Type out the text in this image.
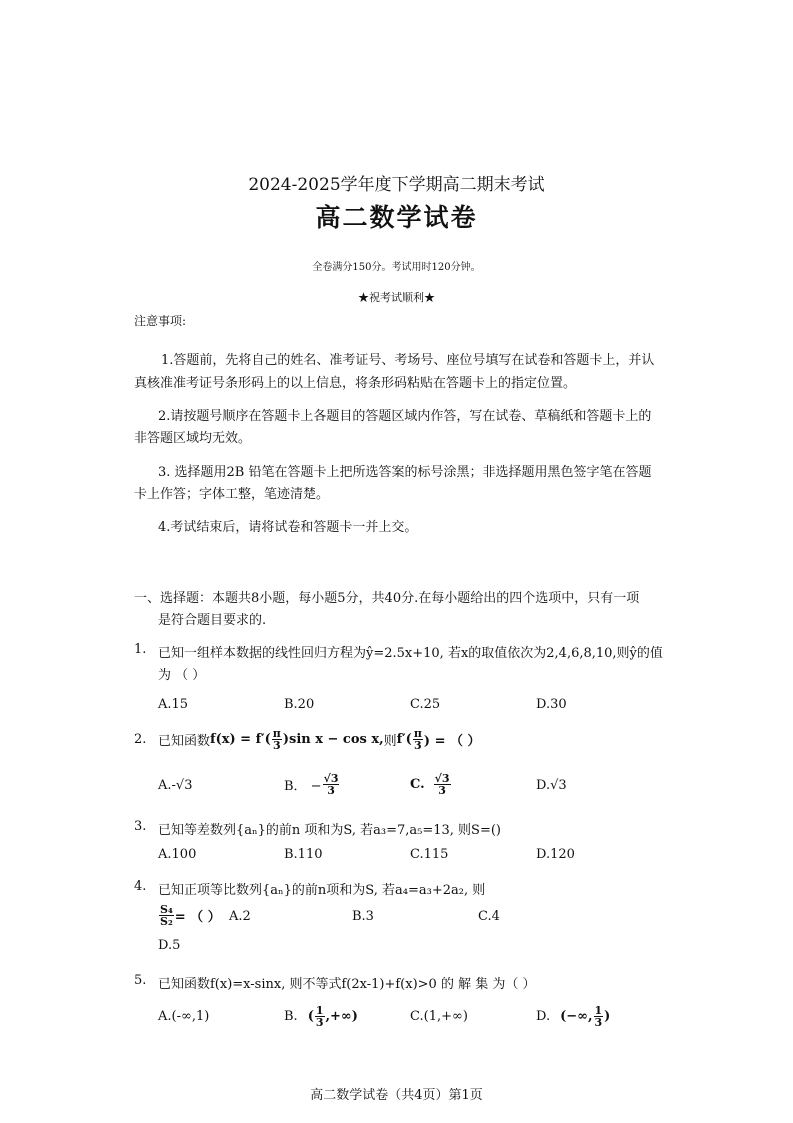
2024-2025学年度下学期高二期末考试
高二数学试卷
全卷满分150分。考试用时120分钟。
★祝考试顺利★
注意事项:
1.答题前，先将自己的姓名、准考证号、考场号、座位号填写在试卷和答题卡上，并认
真核准准考证号条形码上的以上信息，将条形码粘贴在答题卡上的指定位置。
2.请按题号顺序在答题卡上各题目的答题区域内作答，写在试卷、草稿纸和答题卡上的
非答题区域均无效。
3. 选择题用2B 铅笔在答题卡上把所选答案的标号涂黑；非选择题用黑色签字笔在答题
卡上作答；字体工整，笔迹清楚。
4.考试结束后，请将试卷和答题卡一并上交。
一、选择题：本题共8小题，每小题5分，共40分.在每小题给出的四个选项中，只有一项
是符合题目要求的.
1. 已知一组样本数据的线性回归方程为ŷ=2.5x+10, 若x的取值依次为2,4,6,8,10,则ŷ的值
为 （ ）
A.15	B.20	C.25	D.30
2. 已知函数 $f(x) = f'( \frac{\pi}{3} )\sin$ x − cos x, 则 $f'( \frac{\pi}{3}$ ) = （ ）
A.-√3	B． − $\frac{√3}{3}$	C. $\frac{√3}{3}$	D.√3
3. 已知等差数列{aₙ}的前n 项和为S, 若a₃=7,a₅=13, 则S=()
A.100	B.110	C.115	D.120
4. 已知正项等比数列{aₙ}的前n项和为S, 若a₄=a₃+2a₂, 则
$\frac{\text{S₄}}{\text{S₂}}$ = （ ） A.2	B.3	C.4
D.5
5. 已知函数f(x)=x-sinx, 则不等式f(2x-1)+f(x)>0 的 解 集 为（ ）
A.(-∞,1)	B. ( $\frac{1}{3}$ ,+∞)	C.(1,+∞)	D. (−∞, $\frac{1}{3}$ )
高二数学试卷（共4页）第1页
